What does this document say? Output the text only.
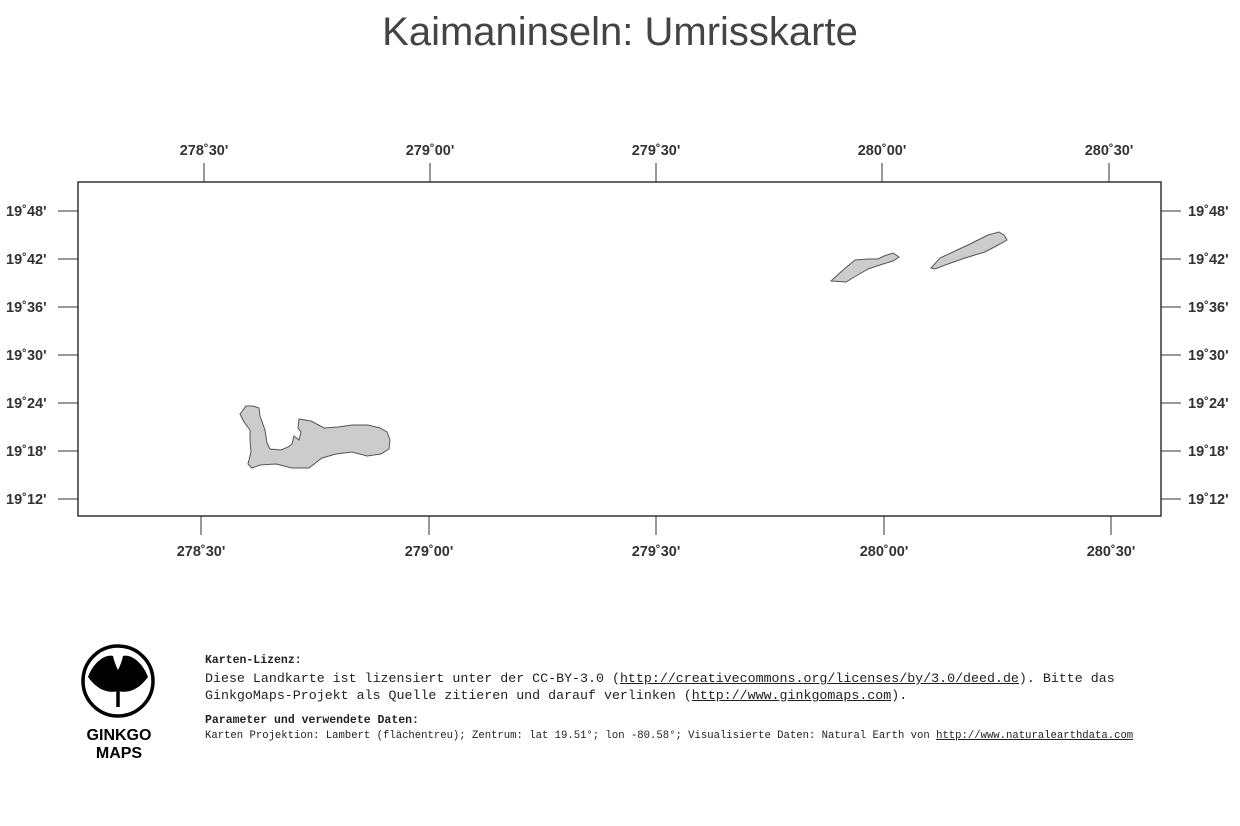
Kaimaninseln: Umrisskarte
278˚30'	279˚00'	279˚30'	280˚00'	280˚30'
278˚30'	279˚00'	279˚30'	280˚00'	280˚30'
19˚48'
19˚42'
19˚36'
19˚30'
19˚24'
19˚18'
19˚12'
19˚48'
19˚42'
19˚36'
19˚30'
19˚24'
19˚18'
19˚12'
GINKGO
MAPS
Karten-Lizenz:
Diese Landkarte ist lizensiert unter der CC-BY-3.0 (http://creativecommons.org/licenses/by/3.0/deed.de). Bitte das
GinkgoMaps-Projekt als Quelle zitieren und darauf verlinken (http://www.ginkgomaps.com).
Parameter und verwendete Daten:
Karten Projektion: Lambert (flächentreu); Zentrum: lat 19.51°; lon -80.58°; Visualisierte Daten: Natural Earth von http://www.naturalearthdata.com
